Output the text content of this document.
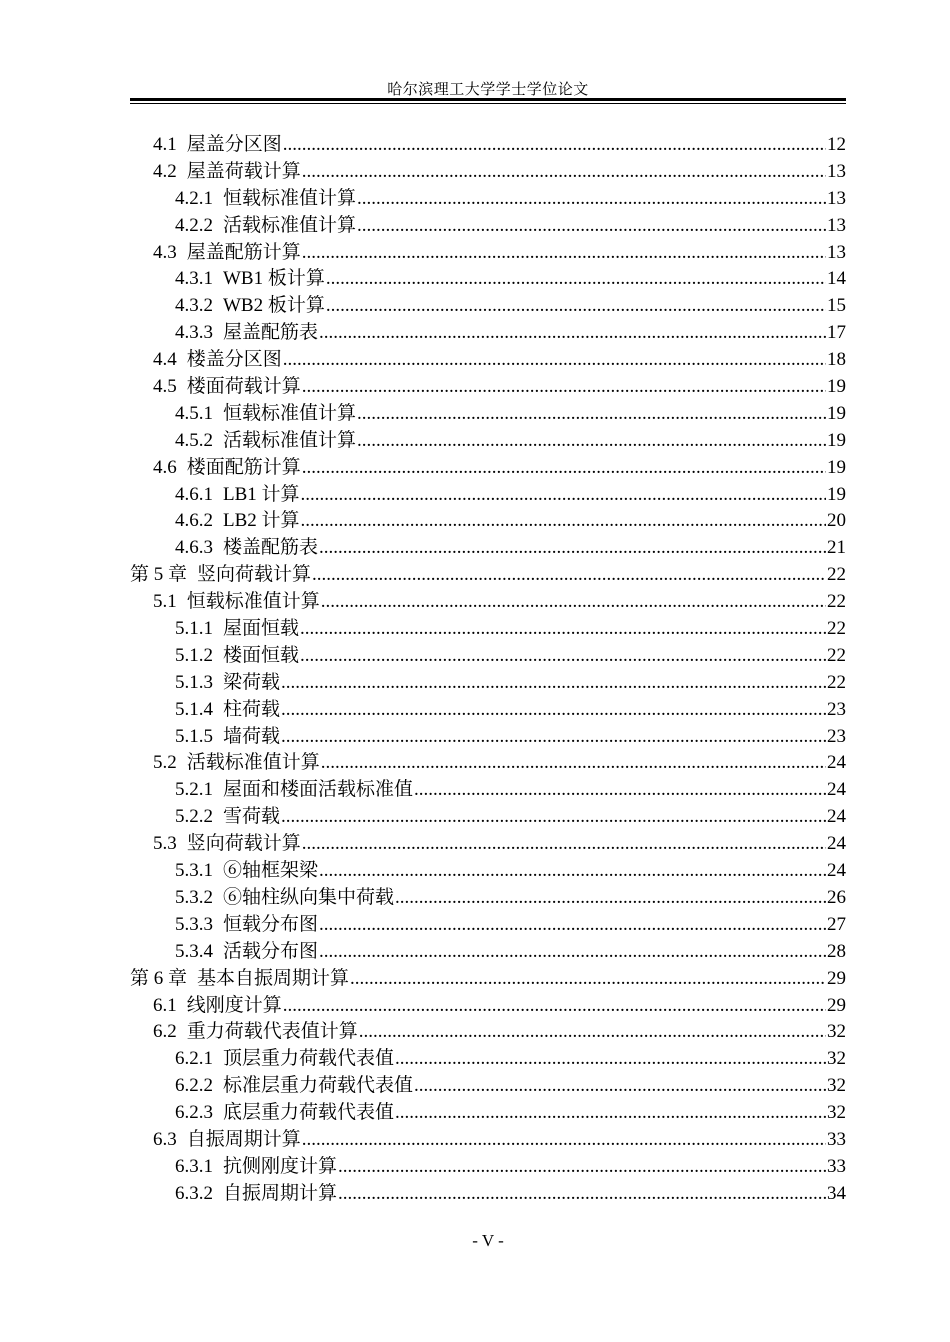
哈尔滨理工大学学士学位论文
4.1 屋盖分区图 .....	12
4.2 屋盖荷载计算 .....	13
4.2.1 恒载标准值计算 .....	13
4.2.2 活载标准值计算 .....	13
4.3 屋盖配筋计算 .....	13
4.3.1 WB1 板计算 .....	14
4.3.2 WB2 板计算 .....	15
4.3.3 屋盖配筋表 .....	17
4.4 楼盖分区图 .....	18
4.5 楼面荷载计算 .....	19
4.5.1 恒载标准值计算 .....	19
4.5.2 活载标准值计算 .....	19
4.6 楼面配筋计算 .....	19
4.6.1 LB1 计算 .....	19
4.6.2 LB2 计算 .....	20
4.6.3 楼盖配筋表 .....	21
第 5 章 竖向荷载计算 .....	22
5.1 恒载标准值计算 .....	22
5.1.1 屋面恒载 .....	22
5.1.2 楼面恒载 .....	22
5.1.3 梁荷载 .....	22
5.1.4 柱荷载 .....	23
5.1.5 墙荷载 .....	23
5.2 活载标准值计算 .....	24
5.2.1 屋面和楼面活载标准值 .....	24
5.2.2 雪荷载 .....	24
5.3 竖向荷载计算 .....	24
5.3.1 ⑥轴框架梁 .....	24
5.3.2 ⑥轴柱纵向集中荷载 .....	26
5.3.3 恒载分布图 .....	27
5.3.4 活载分布图 .....	28
第 6 章 基本自振周期计算 .....	29
6.1 线刚度计算 .....	29
6.2 重力荷载代表值计算 .....	32
6.2.1 顶层重力荷载代表值 .....	32
6.2.2 标准层重力荷载代表值 .....	32
6.2.3 底层重力荷载代表值 .....	32
6.3 自振周期计算 .....	33
6.3.1 抗侧刚度计算 .....	33
6.3.2 自振周期计算 .....	34
- V -
